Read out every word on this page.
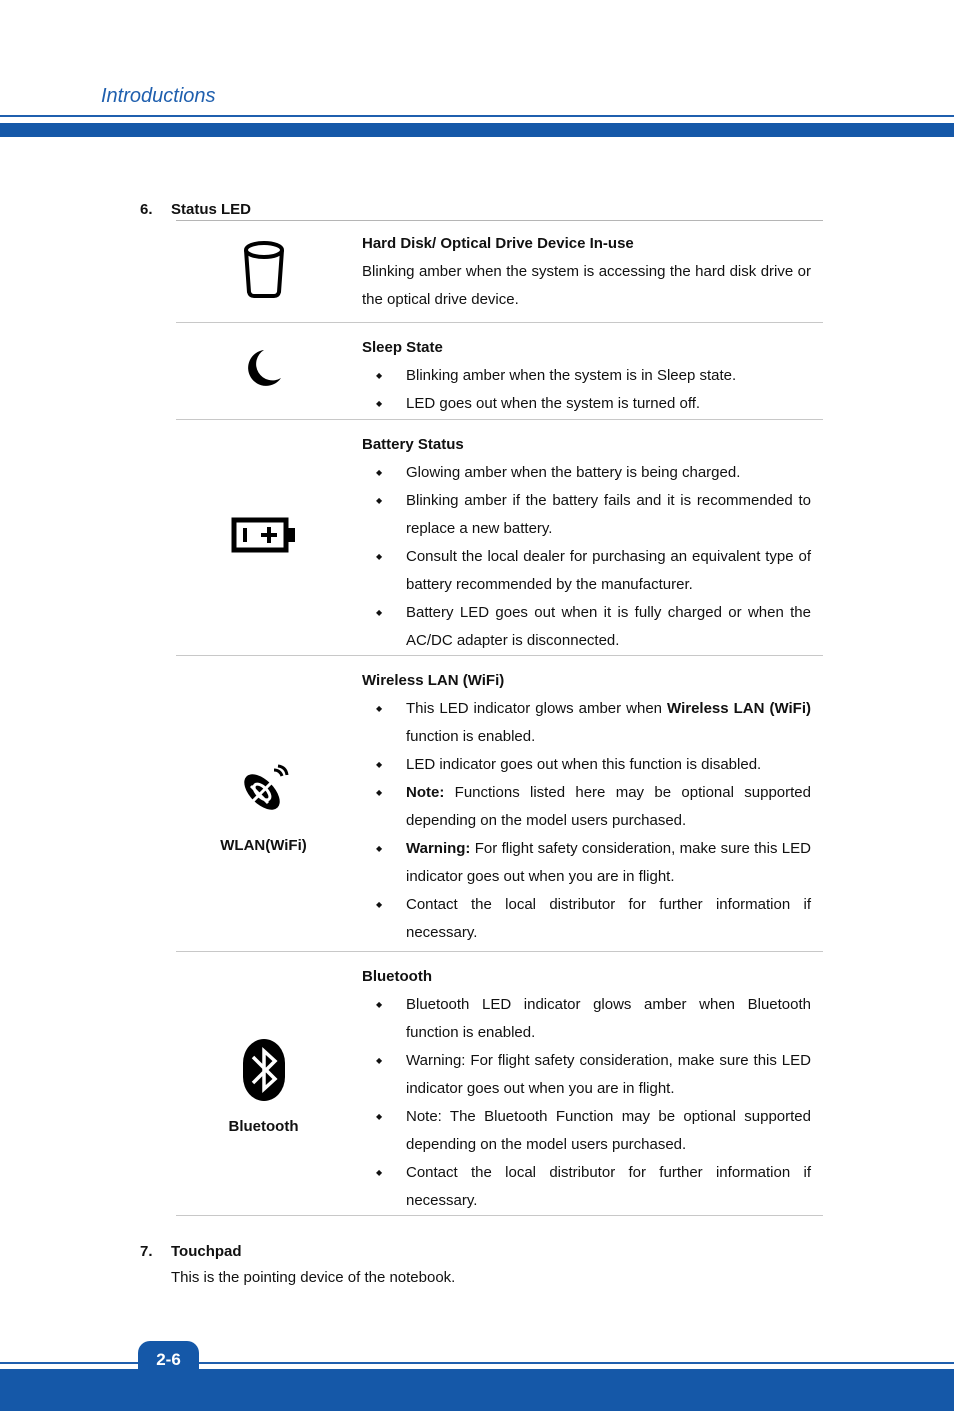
Introductions
6. Status LED
Hard Disk/ Optical Drive Device In-use

Blinking amber when the system is accessing the hard disk drive or the optical drive device.

Sleep State
◆ Blinking amber when the system is in Sleep state.
◆ LED goes out when the system is turned off.
Battery Status
◆ Glowing amber when the battery is being charged.
◆ Blinking amber if the battery fails and it is recommended to replace a new battery.
◆ Consult the local dealer for purchasing an equivalent type of battery recommended by the manufacturer.
◆ Battery LED goes out when it is fully charged or when the AC/DC adapter is disconnected.
WLAN(WiFi)
Wireless LAN (WiFi)
◆ This LED indicator glows amber when Wireless LAN (WiFi) function is enabled.
◆ LED indicator goes out when this function is disabled.
◆ Note: Functions listed here may be optional supported depending on the model users purchased.
◆ Warning: For flight safety consideration, make sure this LED indicator goes out when you are in flight.
◆ Contact the local distributor for further information if necessary.
Bluetooth
Bluetooth
◆ Bluetooth LED indicator glows amber when Bluetooth function is enabled.
◆ Warning: For flight safety consideration, make sure this LED indicator goes out when you are in flight.
◆ Note: The Bluetooth Function may be optional supported depending on the model users purchased.
◆ Contact the local distributor for further information if necessary.
7. Touchpad
This is the pointing device of the notebook.
2-6
